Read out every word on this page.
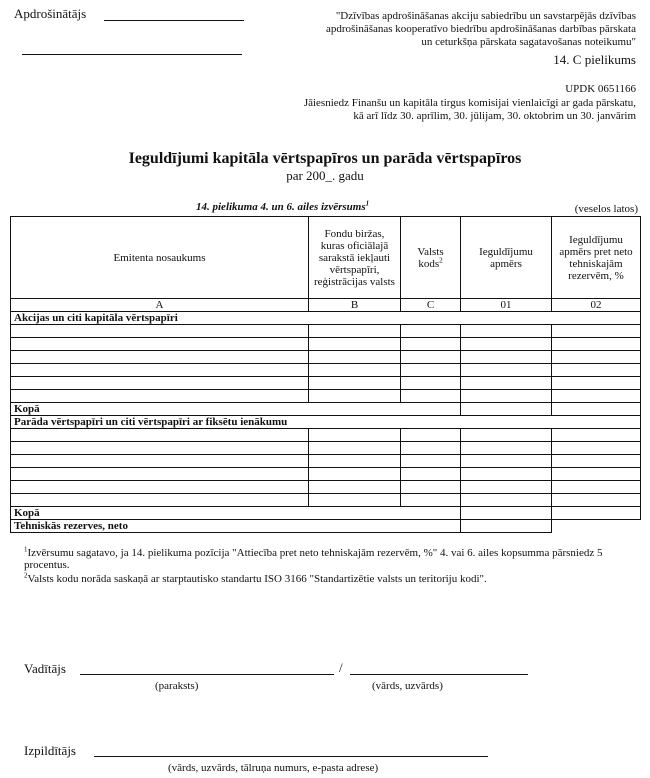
Apdrošinātājs	"Dzīvības apdrošināšanas akciju sabiedrību un savstarpējās dzīvības
apdrošināšanas kooperatīvo biedrību apdrošināšanas darbības pārskata
un ceturkšņa pārskata sagatavošanas noteikumu"
14. C pielikums
UPDK 0651166
Jāiesniedz Finanšu un kapitāla tirgus komisijai vienlaicīgi ar gada pārskatu,
kā arī līdz 30. aprīlim, 30. jūlijam, 30. oktobrim un 30. janvārim
Ieguldījumi kapitāla vērtspapīros un parāda vērtspapīros
par 200_. gadu
14. pielikuma 4. un 6. ailes izvērsums$^1$	(veselos latos)
Emitenta nosaukums	Fondu biržas, kuras oficiālajā sarakstā iekļauti vērtspapīri, reģistrācijas valsts	Valsts kods$^2$	Ieguldījumu apmērs	Ieguldījumu apmērs pret neto tehniskajām rezervēm, %
A	B	C	01	02
Akcijas un citi kapitāla vērtspapīri				

Kopā				
Parāda vērtspapīri un citi vērtspapīri ar fiksētu ienākumu				

Kopā				
Tehniskās rezerves, neto				
$^1$Izvērsumu sagatavo, ja 14. pielikuma pozīcija "Attiecība pret neto tehniskajām rezervēm, %" 4. vai 6. ailes kopsumma pārsniedz 5 procentus.
$^2$Valsts kodu norāda saskaņā ar starptautisko standartu ISO 3166 "Standartizētie valsts un teritoriju kodi".
Vadītājs	/
(paraksts)	(vārds, uzvārds)
Izpildītājs
(vārds, uzvārds, tālruņa numurs, e-pasta adrese)
